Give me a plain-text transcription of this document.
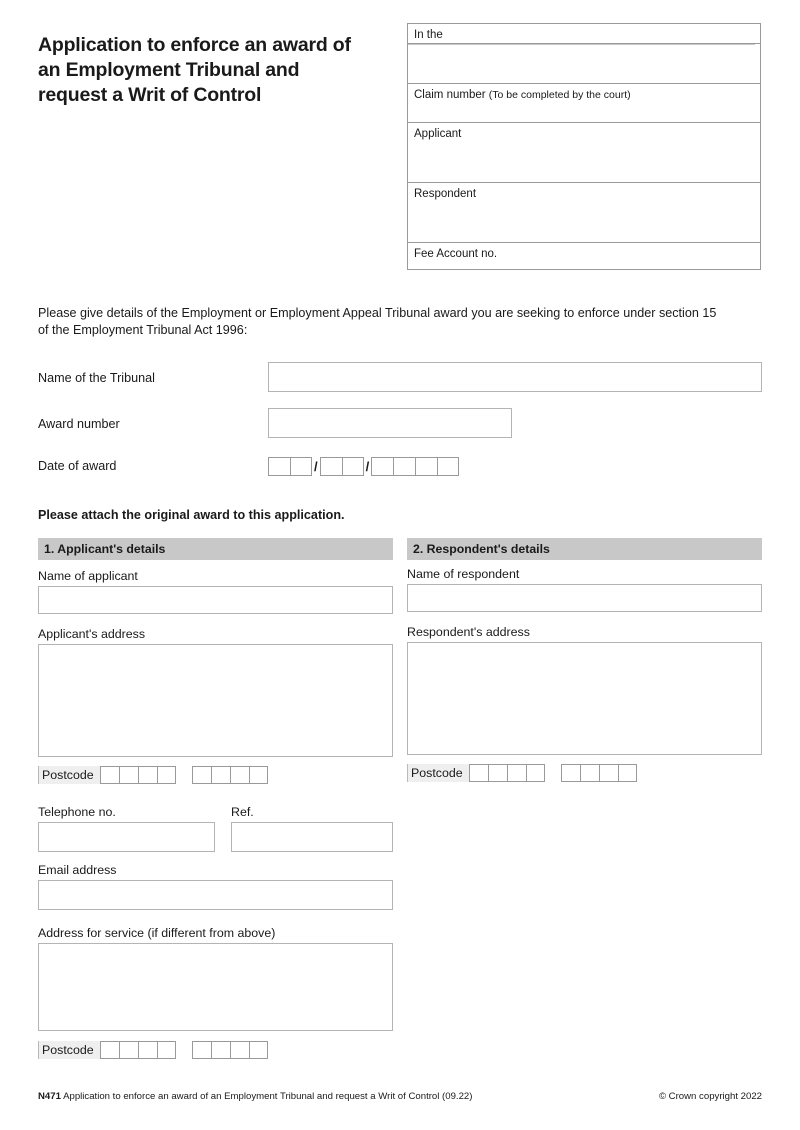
Application to enforce an award of an Employment Tribunal and request a Writ of Control
In the
Claim number (To be completed by the court)
Applicant
Respondent
Fee Account no.
Please give details of the Employment or Employment Appeal Tribunal award you are seeking to enforce under section 15 of the Employment Tribunal Act 1996:
Name of the Tribunal
Award number
Date of award	/	/
Please attach the original award to this application.
1. Applicant's details	2. Respondent's details
Name of applicant
Applicant's address
Postcode
Telephone no.	Ref.
Email address
Address for service (if different from above)
Postcode
Name of respondent
Respondent's address
Postcode
N471 Application to enforce an award of an Employment Tribunal and request a Writ of Control (09.22)	© Crown copyright 2022
